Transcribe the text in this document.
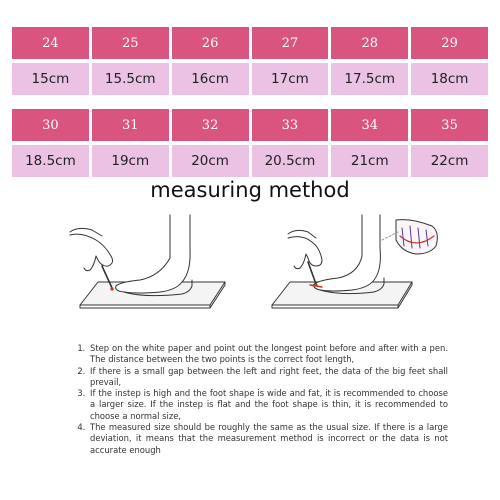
24	25	26	27	28	29
15cm	15.5cm	16cm	17cm	17.5cm	18cm
30	31	32	33	34	35
18.5cm	19cm	20cm	20.5cm	21cm	22cm
measuring method
1. Step on the white paper and point out the longest point before and after with a pen. The distance between the two points is the correct foot length,
2. If there is a small gap between the left and right feet, the data of the big feet shall prevail,
3. If the instep is high and the foot shape is wide and fat, it is recommended to choose a larger size. If the instep is flat and the foot shape is thin, it is recommended to choose a normal size,
4. The measured size should be roughly the same as the usual size. If there is a large deviation, it means that the measurement method is incorrect or the data is not accurate enough
